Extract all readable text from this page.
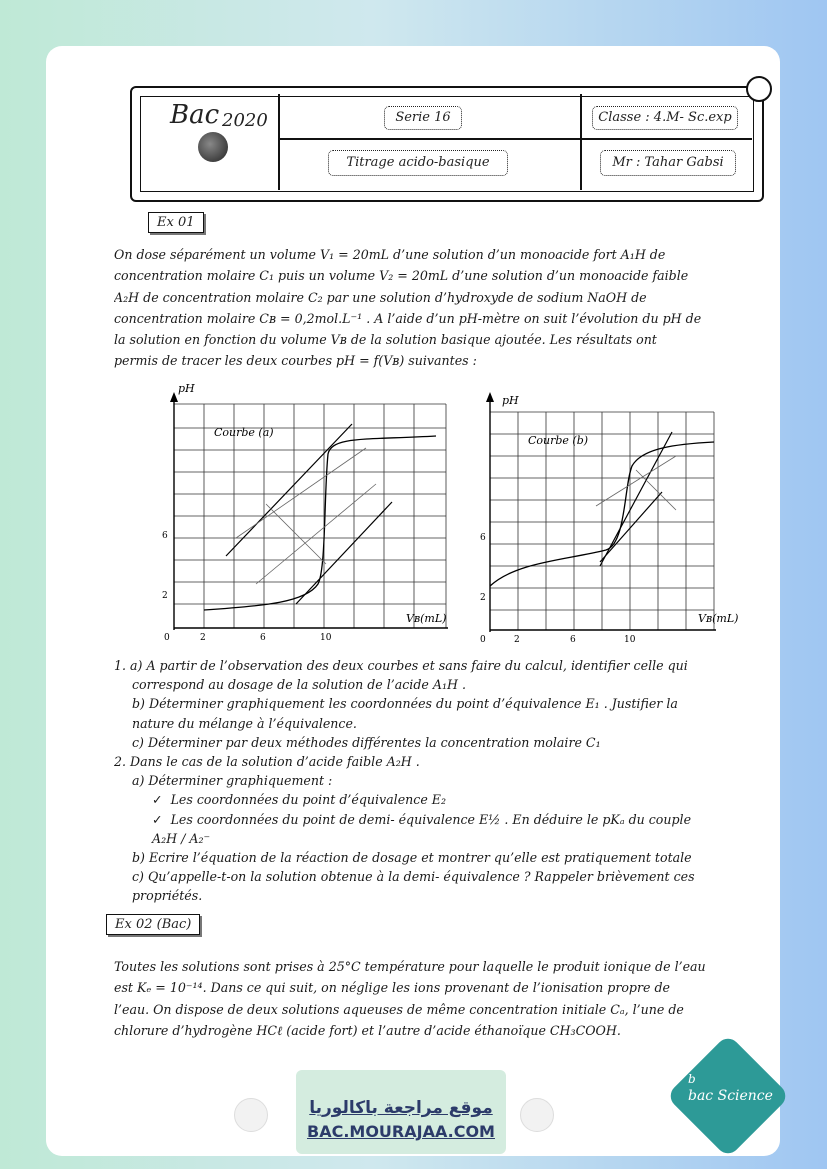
Bac 2020	Serie 16	Classe : 4.M- Sc.exp
Titrage acido-basique	Mr : Tahar Gabsi
Ex 01

On dose séparément un volume V₁ = 20mL d’une solution d’un monoacide fort A₁H de

concentration molaire C₁ puis un volume V₂ = 20mL d’une solution d’un monoacide faible

A₂H de concentration molaire C₂ par une solution d’hydroxyde de sodium NaOH de

concentration molaire Cʙ = 0,2mol.L⁻¹ . A l’aide d’un pH-mètre on suit l’évolution du pH de

la solution en fonction du volume Vʙ de la solution basique ajoutée. Les résultats ont

permis de tracer les deux courbes pH = f(Vʙ) suivantes :

pH
Courbe (a)
Vʙ(mL)
2
6
0	2	6	10
pH
Courbe (b)
Vʙ(mL)
2
6
0	2	6	10

1. a) A partir de l’observation des deux courbes et sans faire du calcul, identifier celle qui

correspond au dosage de la solution de l’acide A₁H .

b) Déterminer graphiquement les coordonnées du point d’équivalence E₁ . Justifier la

nature du mélange à l’équivalence.

c) Déterminer par deux méthodes différentes la concentration molaire C₁

2. Dans le cas de la solution d’acide faible A₂H .

a) Déterminer graphiquement :

✓ Les coordonnées du point d’équivalence E₂

✓ Les coordonnées du point de demi- équivalence E½ . En déduire le pKₐ du couple

A₂H / A₂⁻

b) Ecrire l’équation de la réaction de dosage et montrer qu’elle est pratiquement totale

c) Qu’appelle-t-on la solution obtenue à la demi- équivalence ? Rappeler brièvement ces

propriétés.

Ex 02 (Bac)

Toutes les solutions sont prises à 25°C température pour laquelle le produit ionique de l’eau

est Kₑ = 10⁻¹⁴. Dans ce qui suit, on néglige les ions provenant de l’ionisation propre de

l’eau. On dispose de deux solutions aqueuses de même concentration initiale Cₐ, l’une de

chlorure d’hydrogène HCℓ (acide fort) et l’autre d’acide éthanoïque CH₃COOH.

موقع مراجعة باكالوريا
BAC.MOURAJAA.COM
b
bac Science
